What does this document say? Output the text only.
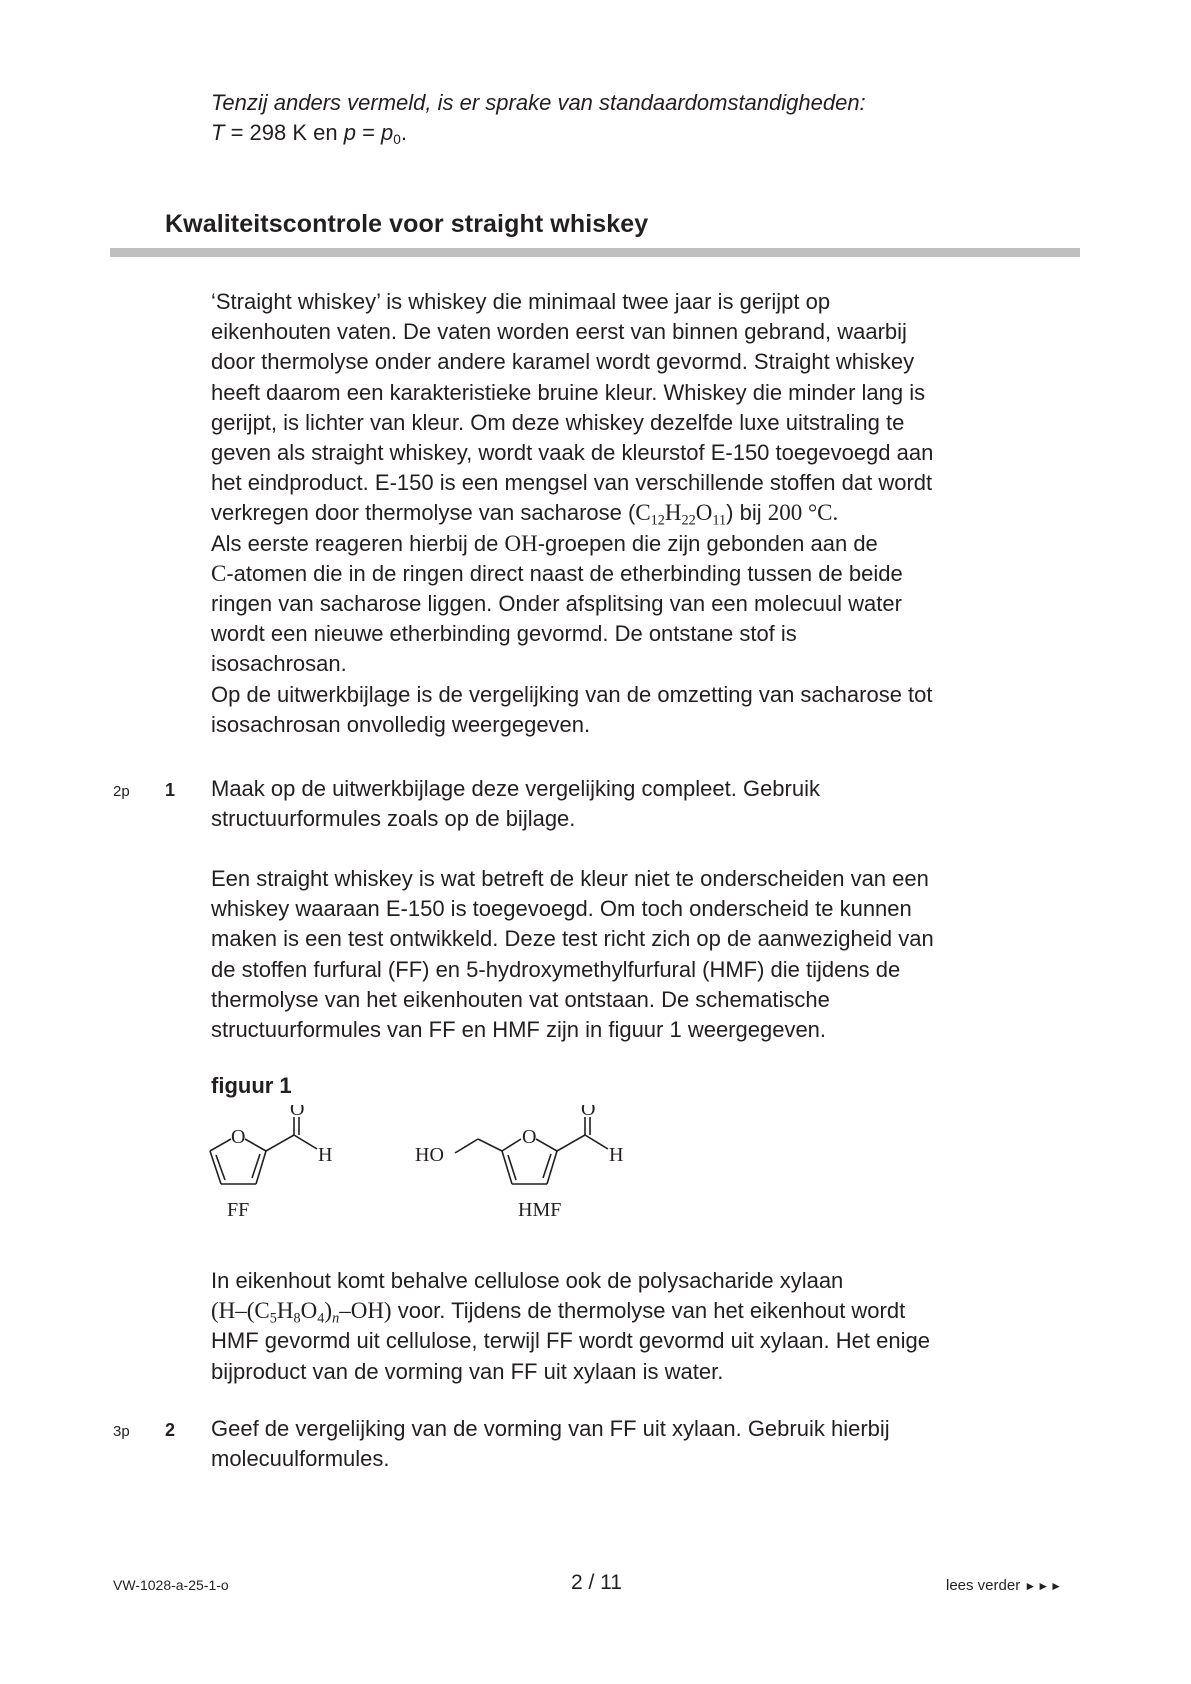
Tenzij anders vermeld, is er sprake van standaardomstandigheden:
T = 298 K en $p = p_0$.
Kwaliteitscontrole voor straight whiskey
‘Straight whiskey’ is whiskey die minimaal twee jaar is gerijpt op
eikenhouten vaten. De vaten worden eerst van binnen gebrand, waarbij
door thermolyse onder andere karamel wordt gevormd. Straight whiskey
heeft daarom een karakteristieke bruine kleur. Whiskey die minder lang is
gerijpt, is lichter van kleur. Om deze whiskey dezelfde luxe uitstraling te
geven als straight whiskey, wordt vaak de kleurstof E-150 toegevoegd aan
het eindproduct. E-150 is een mengsel van verschillende stoffen dat wordt
verkregen door thermolyse van sacharose $(C_{12}H_{22}O_{11})$ bij 200 °C.
Als eerste reageren hierbij de OH-groepen die zijn gebonden aan de
C-atomen die in de ringen direct naast de etherbinding tussen de beide
ringen van sacharose liggen. Onder afsplitsing van een molecuul water
wordt een nieuwe etherbinding gevormd. De ontstane stof is
isosachrosan.
Op de uitwerkbijlage is de vergelijking van de omzetting van sacharose tot
isosachrosan onvolledig weergegeven.
2p 1 Maak op de uitwerkbijlage deze vergelijking compleet. Gebruik
structuurformules zoals op de bijlage.
Een straight whiskey is wat betreft de kleur niet te onderscheiden van een
whiskey waaraan E-150 is toegevoegd. Om toch onderscheid te kunnen
maken is een test ontwikkeld. Deze test richt zich op de aanwezigheid van
de stoffen furfural (FF) en 5-hydroxymethylfurfural (HMF) die tijdens de
thermolyse van het eikenhouten vat ontstaan. De schematische
structuurformules van FF en HMF zijn in figuur 1 weergegeven.
figuur 1
O
O
H
FF
HO
O
O
H
HMF
In eikenhout komt behalve cellulose ook de polysacharide xylaan
$(H-(C_5H_8O_4)_n-OH)$ voor. Tijdens de thermolyse van het eikenhout wordt
HMF gevormd uit cellulose, terwijl FF wordt gevormd uit xylaan. Het enige
bijproduct van de vorming van FF uit xylaan is water.
3p 2 Geef de vergelijking van de vorming van FF uit xylaan. Gebruik hierbij
molecuulformules.
VW-1028-a-25-1-o	2 / 11	lees verder ►►►
